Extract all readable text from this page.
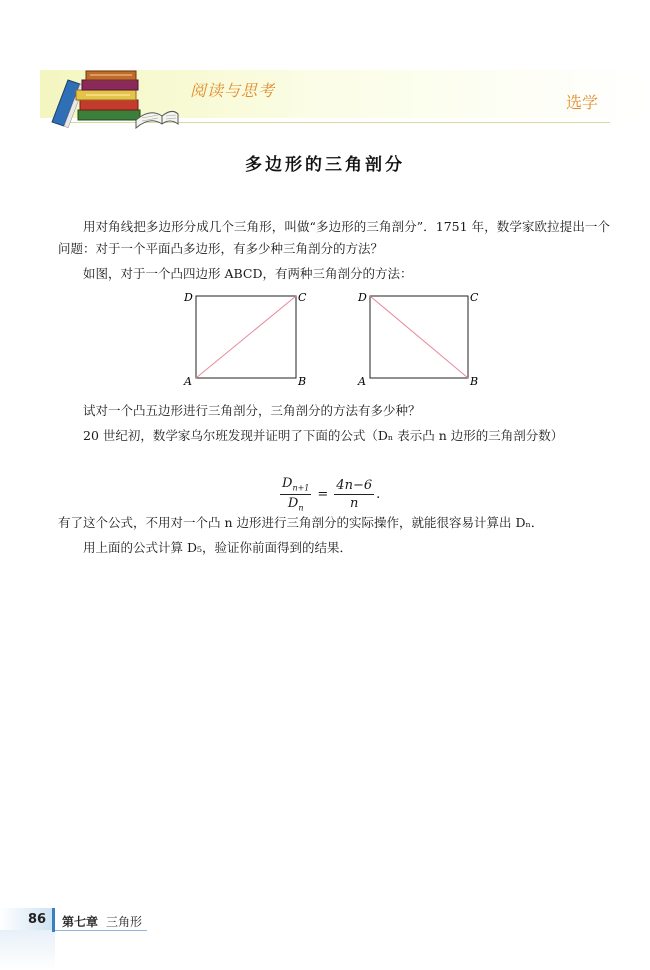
阅读与思考
选学
多边形的三角剖分
用对角线把多边形分成几个三角形，叫做“多边形的三角剖分”．1751 年，数学家欧拉提出一个问题：对于一个平面凸多边形，有多少种三角剖分的方法？
如图，对于一个凸四边形 ABCD，有两种三角剖分的方法：
D	C
A	B
D	C
A	B
试对一个凸五边形进行三角剖分，三角剖分的方法有多少种？
20 世纪初，数学家乌尔班发现并证明了下面的公式（Dₙ 表示凸 n 边形的三角剖分数）
$\frac{D_{n+1}}{D_n} = \frac{4n-6}{n}$ .
有了这个公式，不用对一个凸 n 边形进行三角剖分的实际操作，就能很容易计算出 Dₙ．
用上面的公式计算 D₅，验证你前面得到的结果．
86 第七章 三角形
